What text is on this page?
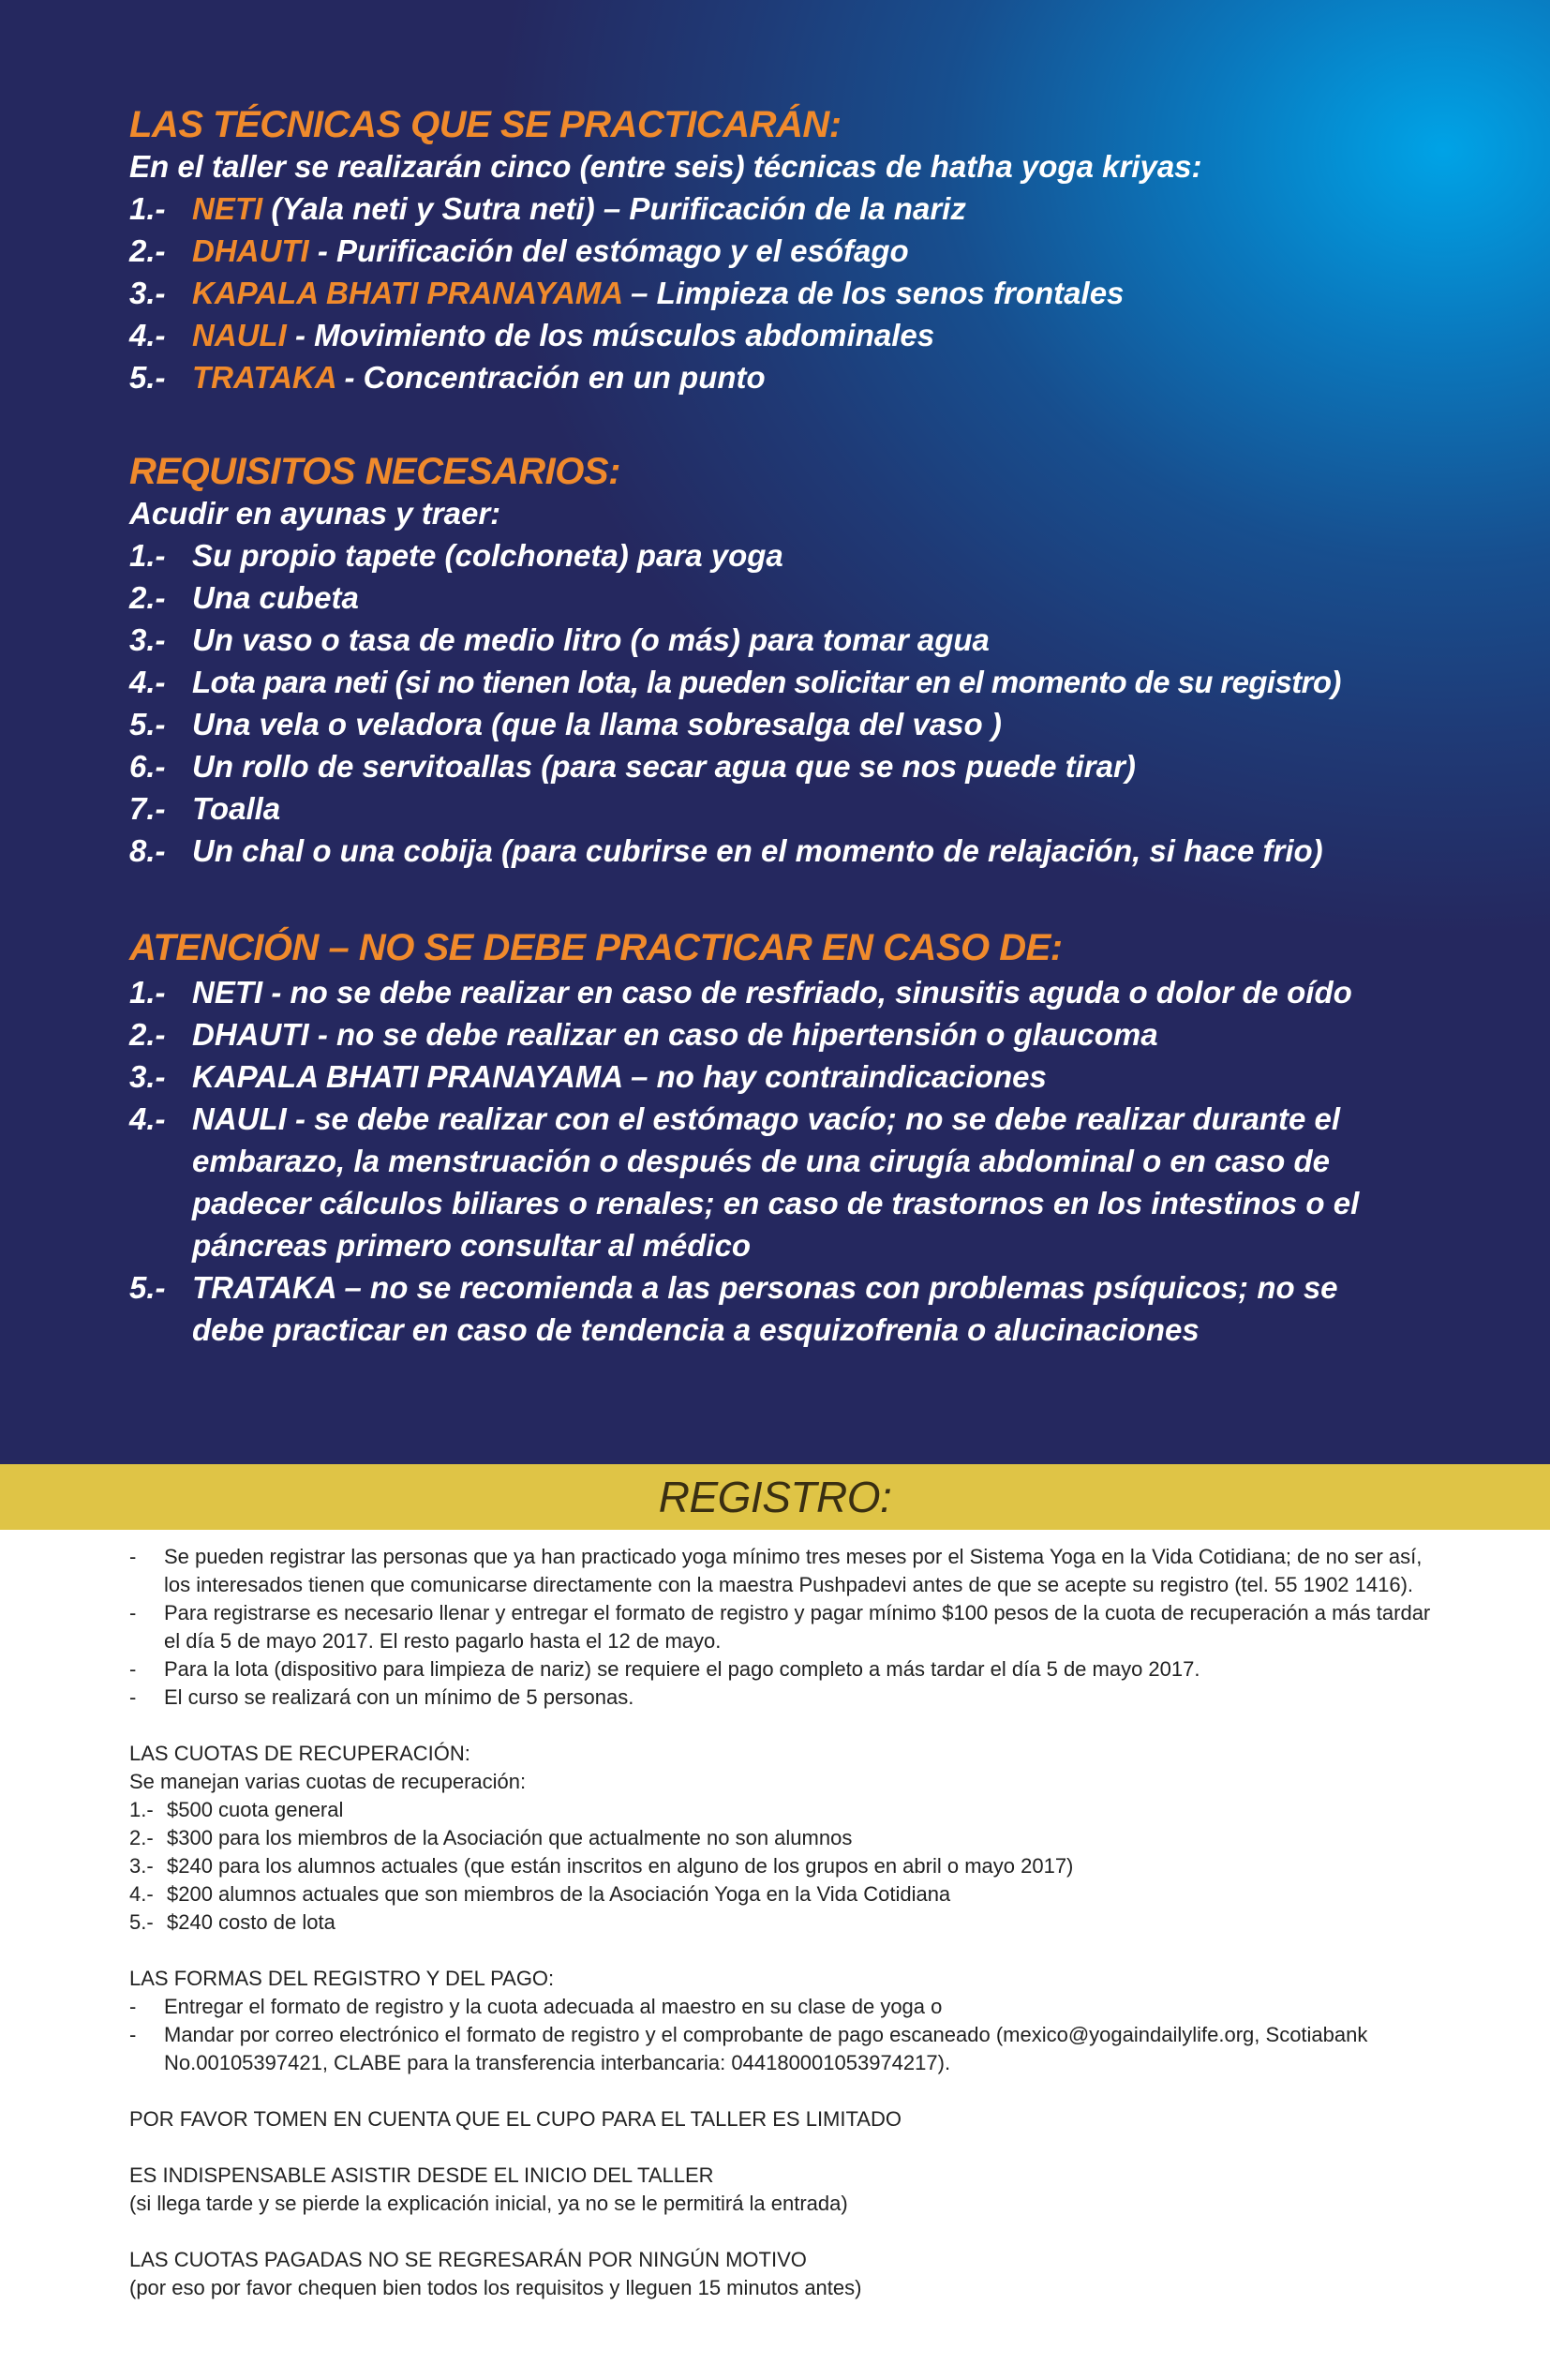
LAS TÉCNICAS QUE SE PRACTICARÁN:
En el taller se realizarán cinco (entre seis) técnicas de hatha yoga kriyas:
1.- NETI (Yala neti y Sutra neti) – Purificación de la nariz
2.- DHAUTI - Purificación del estómago y el esófago
3.- KAPALA BHATI PRANAYAMA – Limpieza de los senos frontales
4.- NAULI - Movimiento de los músculos abdominales
5.- TRATAKA - Concentración en un punto
REQUISITOS NECESARIOS:
Acudir en ayunas y traer:
1.- Su propio tapete (colchoneta) para yoga
2.- Una cubeta
3.- Un vaso o tasa de medio litro (o más) para tomar agua
4.- Lota para neti (si no tienen lota, la pueden solicitar en el momento de su registro)
5.- Una vela o veladora (que la llama sobresalga del vaso )
6.- Un rollo de servitoallas (para secar agua que se nos puede tirar)
7.- Toalla
8.- Un chal o una cobija (para cubrirse en el momento de relajación, si hace frio)
ATENCIÓN – NO SE DEBE PRACTICAR EN CASO DE:
1.- NETI - no se debe realizar en caso de resfriado, sinusitis aguda o dolor de oído
2.- DHAUTI - no se debe realizar en caso de hipertensión o glaucoma
3.- KAPALA BHATI PRANAYAMA – no hay contraindicaciones
4.- NAULI - se debe realizar con el estómago vacío; no se debe realizar durante el embarazo, la menstruación o después de una cirugía abdominal o en caso de padecer cálculos biliares o renales; en caso de trastornos en los intestinos o el páncreas primero consultar al médico
5.- TRATAKA – no se recomienda a las personas con problemas psíquicos; no se debe practicar en caso de tendencia a esquizofrenia o alucinaciones
REGISTRO:
-	Se pueden registrar las personas que ya han practicado yoga mínimo tres meses por el Sistema Yoga en la Vida Cotidiana; de no ser así, los interesados tienen que comunicarse directamente con la maestra Pushpadevi antes de que se acepte su registro (tel. 55 1902 1416).
-	Para registrarse es necesario llenar y entregar el formato de registro y pagar mínimo $100 pesos de la cuota de recuperación a más tardar el día 5 de mayo 2017. El resto pagarlo hasta el 12 de mayo.
-	Para la lota (dispositivo para limpieza de nariz) se requiere el pago completo a más tardar el día 5 de mayo 2017.
-	El curso se realizará con un mínimo de 5 personas.
LAS CUOTAS DE RECUPERACIÓN:
Se manejan varias cuotas de recuperación:
1.- $500 cuota general
2.- $300 para los miembros de la Asociación que actualmente no son alumnos
3.- $240 para los alumnos actuales (que están inscritos en alguno de los grupos en abril o mayo 2017)
4.- $200 alumnos actuales que son miembros de la Asociación Yoga en la Vida Cotidiana
5.- $240 costo de lota
LAS FORMAS DEL REGISTRO Y DEL PAGO:
-	Entregar el formato de registro y la cuota adecuada al maestro en su clase de yoga o
-	Mandar por correo electrónico el formato de registro y el comprobante de pago escaneado (mexico@yogaindailylife.org, Scotiabank No.00105397421, CLABE para la transferencia interbancaria: 044180001053974217).
POR FAVOR TOMEN EN CUENTA QUE EL CUPO PARA EL TALLER ES LIMITADO
ES INDISPENSABLE ASISTIR DESDE EL INICIO DEL TALLER
(si llega tarde y se pierde la explicación inicial, ya no se le permitirá la entrada)
LAS CUOTAS PAGADAS NO SE REGRESARÁN POR NINGÚN MOTIVO
(por eso por favor chequen bien todos los requisitos y lleguen 15 minutos antes)
